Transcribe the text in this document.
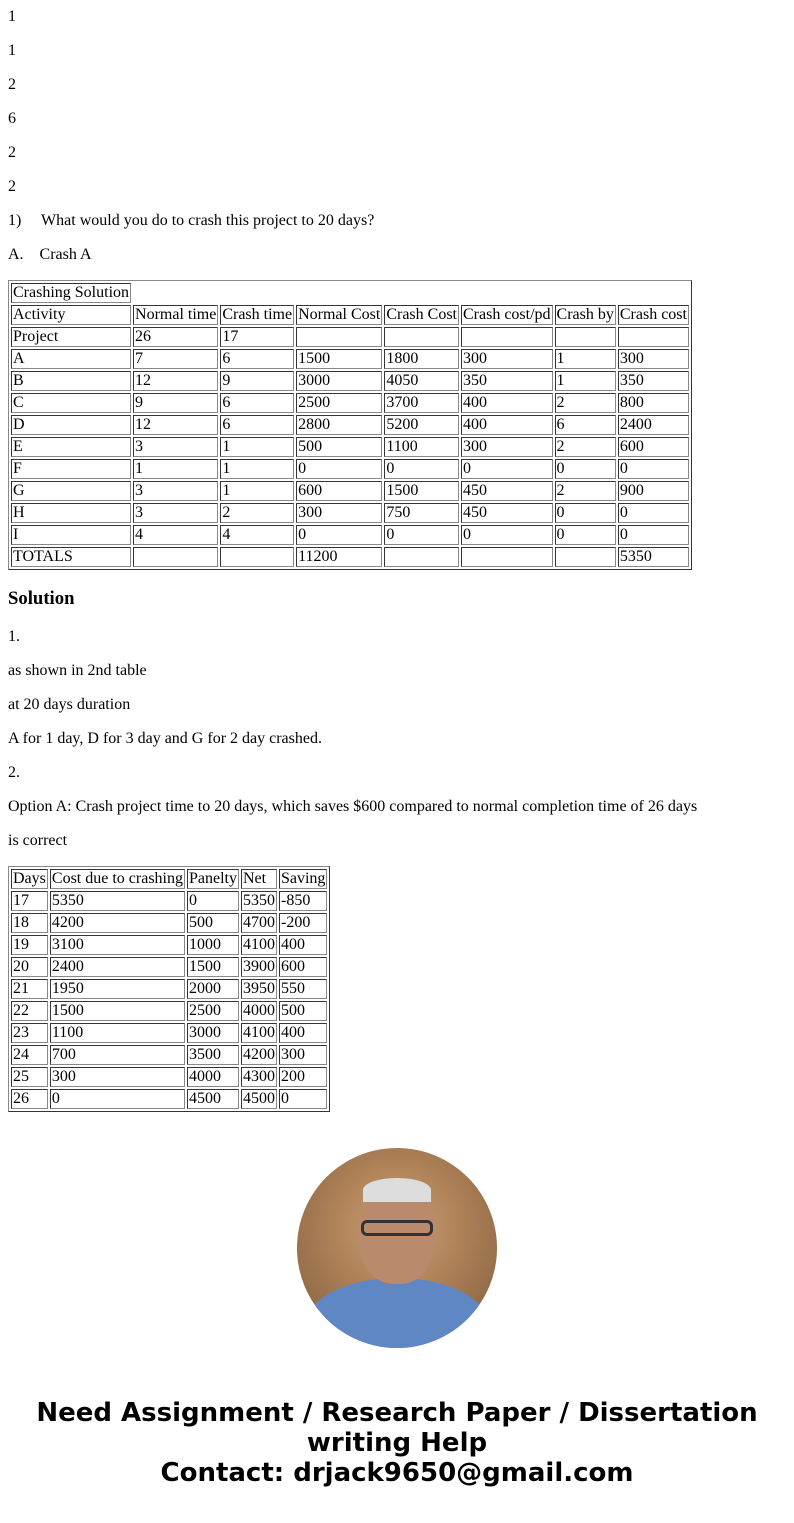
1

1

2

6

2

2

1)     What would you do to crash this project to 20 days?

A.    Crash A

Crashing Solution							
Activity	Normal time	Crash time	Normal Cost	Crash Cost	Crash cost/pd	Crash by	Crash cost
Project	26	17					
A	7	6	1500	1800	300	1	300
B	12	9	3000	4050	350	1	350
C	9	6	2500	3700	400	2	800
D	12	6	2800	5200	400	6	2400
E	3	1	500	1100	300	2	600
F	1	1	0	0	0	0	0
G	3	1	600	1500	450	2	900
H	3	2	300	750	450	0	0
I	4	4	0	0	0	0	0
TOTALS			11200				5350
Solution

1.

as shown in 2nd table

at 20 days duration

A for 1 day, D for 3 day and G for 2 day crashed.

2.

Option A: Crash project time to 20 days, which saves $600 compared to normal completion time of 26 days

is correct

Days	Cost due to crashing	Panelty	Net	Saving
17	5350	0	5350	-850
18	4200	500	4700	-200
19	3100	1000	4100	400
20	2400	1500	3900	600
21	1950	2000	3950	550
22	1500	2500	4000	500
23	1100	3000	4100	400
24	700	3500	4200	300
25	300	4000	4300	200
26	0	4500	4500	0
Need Assignment / Research Paper / Dissertation writing Help
Contact: drjack9650@gmail.com
